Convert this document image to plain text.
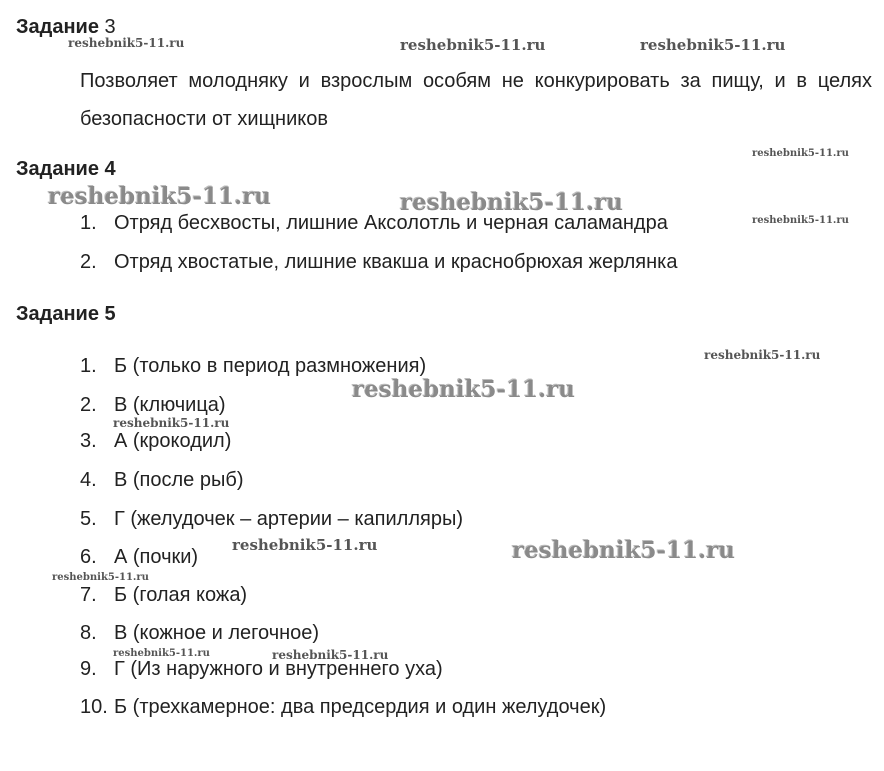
Задание 3
Позволяет молодняку и взрослым особям не конкурировать за пищу, и в целях безопасности от хищников
Задание 4
1. Отряд бесхвосты, лишние Аксолотль и черная саламандра
2. Отряд хвостатые, лишние квакша и краснобрюхая жерлянка
Задание 5
1. Б (только в период размножения)
2. В (ключица)
3. А (крокодил)
4. В (после рыб)
5. Г (желудочек – артерии – капилляры)
6. А (почки)
7. Б (голая кожа)
8. В (кожное и легочное)
9. Г (Из наружного и внутреннего уха)
10. Б (трехкамерное: два предсердия и один желудочек)
reshebnik5-11.ru	reshebnik5-11.ru	reshebnik5-11.ru
reshebnik5-11.ru
reshebnik5-11.ru	reshebnik5-11.ru
reshebnik5-11.ru
reshebnik5-11.ru
reshebnik5-11.ru
reshebnik5-11.ru
reshebnik5-11.ru	reshebnik5-11.ru
reshebnik5-11.ru
reshebnik5-11.ru	reshebnik5-11.ru
